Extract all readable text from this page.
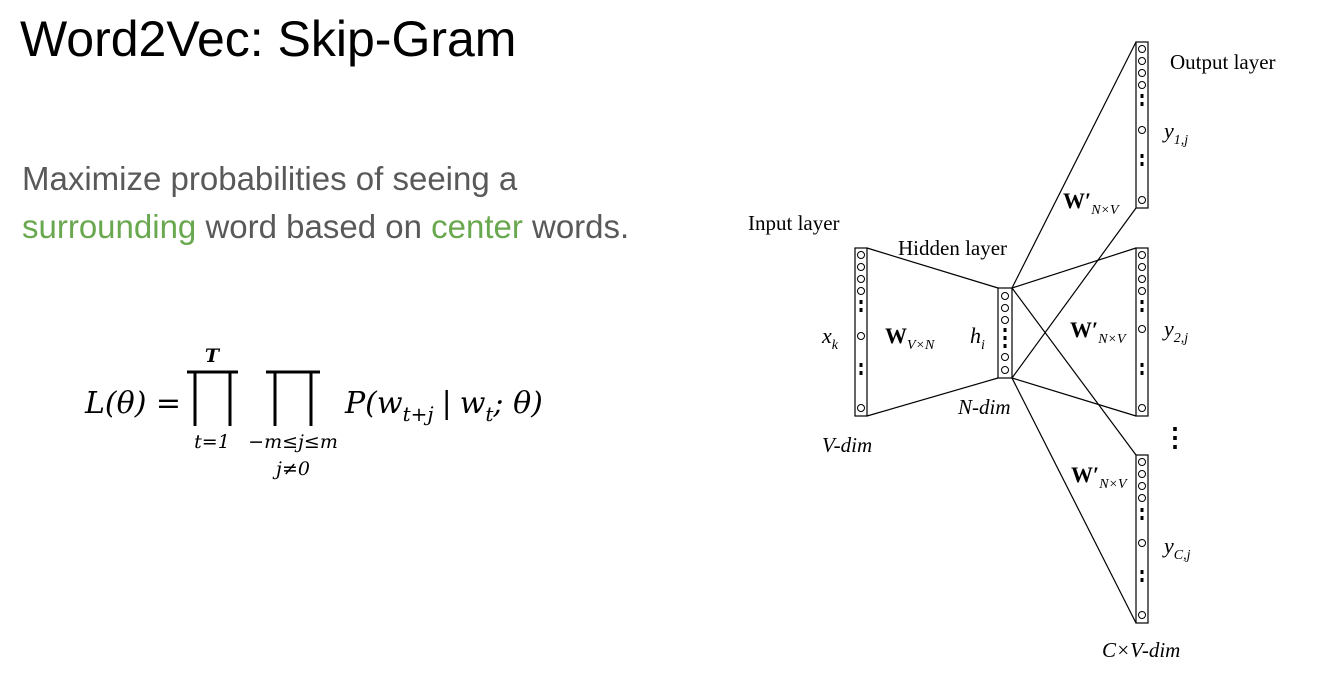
Word2Vec: Skip-Gram
Maximize probabilities of seeing a
surrounding word based on center words.
L(θ) =
T
t=1 −m≤j≤m
j≠0
$P(w_{t+j}$ | $w_t$; θ)
Input layer
Hidden layer
Output layer
$x_k$ $W_{V\times N}$ $h_i$
$W'_{N\times V}$
$W'_{N\times V}$
$W'_{N\times V}$
$y_{1,j}$
$y_{2,j}$
$y_{C,j}$
N-dim
V-dim
C×V-dim
⋮
